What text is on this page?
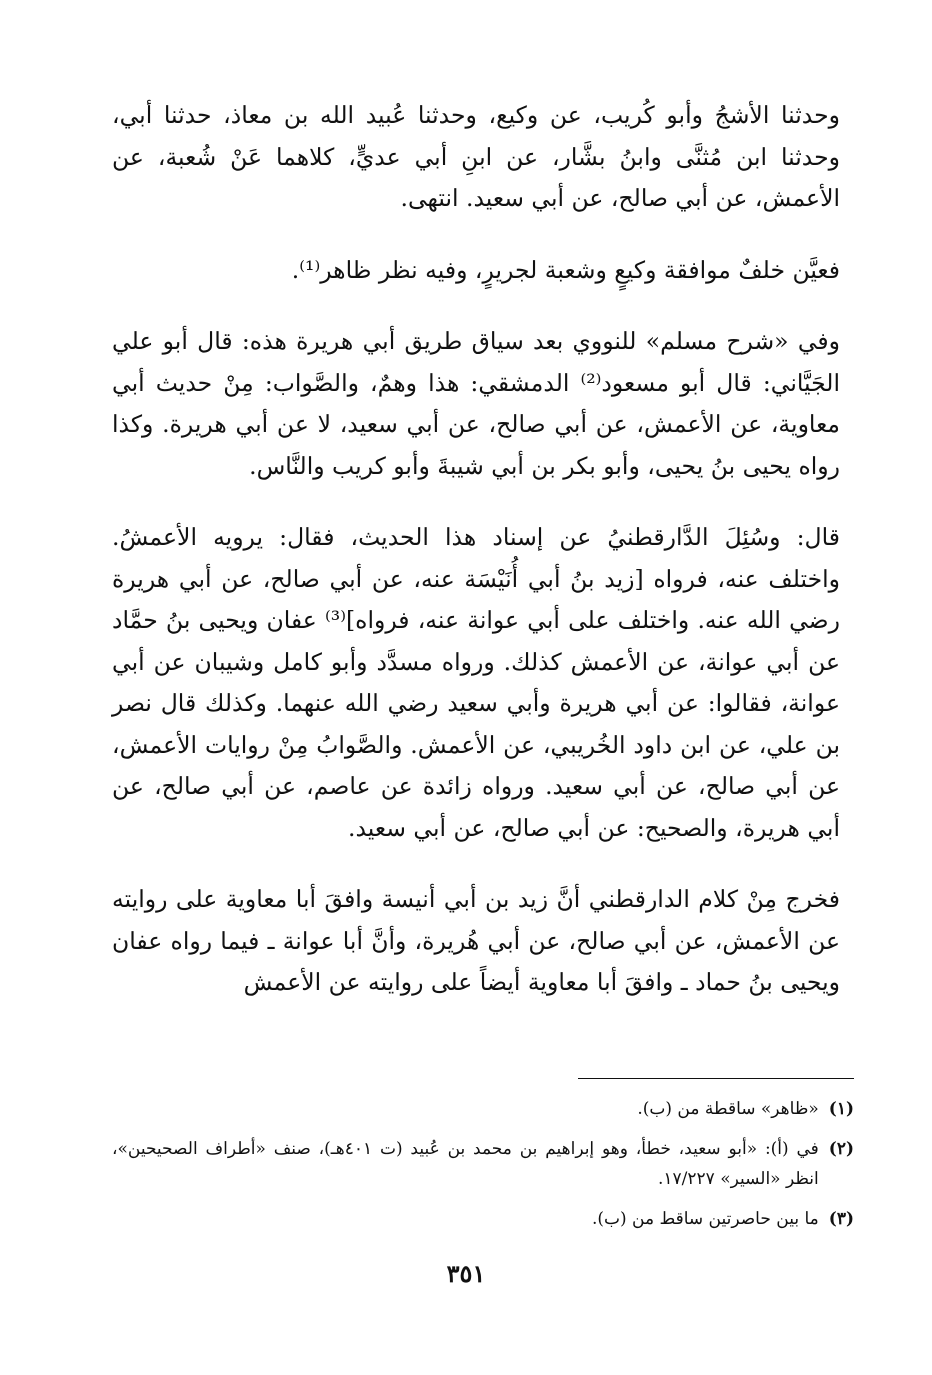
وحدثنا الأشجُ وأبو كُريب، عن وكيع، وحدثنا عُبيد الله بن معاذ، حدثنا أبي، وحدثنا ابن مُثنَّى وابنُ بشَّار، عن ابنِ أبي عديٍّ، كلاهما عَنْ شُعبة، عن الأعمش، عن أبي صالح، عن أبي سعيد. انتهى.

فعيَّن خلفٌ موافقة وكيعٍ وشعبة لجريرٍ، وفيه نظر ظاهر⁽¹⁾.

وفي «شرح مسلم» للنووي بعد سياق طريق أبي هريرة هذه: قال أبو علي الجَيَّاني: قال أبو مسعود⁽²⁾ الدمشقي: هذا وهمٌ، والصَّواب: مِنْ حديث أبي معاوية، عن الأعمش، عن أبي صالح، عن أبي سعيد، لا عن أبي هريرة. وكذا رواه يحيى بنُ يحيى، وأبو بكر بن أبي شيبةَ وأبو كريب والنَّاس.

قال: وسُئِلَ الدَّارقطنيُ عن إسناد هذا الحديث، فقال: يرويه الأعمشُ. واختلف عنه، فرواه [زيد بنُ أبي أُنَيْسَة عنه، عن أبي صالح، عن أبي هريرة رضي الله عنه. واختلف على أبي عوانة عنه، فرواه]⁽³⁾ عفان ويحيى بنُ حمَّاد عن أبي عوانة، عن الأعمش كذلك. ورواه مسدَّد وأبو كامل وشيبان عن أبي عوانة، فقالوا: عن أبي هريرة وأبي سعيد رضي الله عنهما. وكذلك قال نصر بن علي، عن ابن داود الخُريبي، عن الأعمش. والصَّوابُ مِنْ روايات الأعمش، عن أبي صالح، عن أبي سعيد. ورواه زائدة عن عاصم، عن أبي صالح، عن أبي هريرة، والصحيح: عن أبي صالح، عن أبي سعيد.

فخرج مِنْ كلام الدارقطني أنَّ زيد بن أبي أنيسة وافقَ أبا معاوية على روايته عن الأعمش، عن أبي صالح، عن أبي هُريرة، وأنَّ أبا عوانة ـ فيما رواه عفان ويحيى بنُ حماد ـ وافقَ أبا معاوية أيضاً على روايته عن الأعمش

(١)
«ظاهر» ساقطة من (ب).
(٢)
في (أ): «أبو سعيد، خطأ، وهو إبراهيم بن محمد بن عُبيد (ت ٤٠١هـ)، صنف «أطراف الصحيحين»، انظر «السير» ١٧/٢٢٧.
(٣)
ما بين حاصرتين ساقط من (ب).
٣٥١
